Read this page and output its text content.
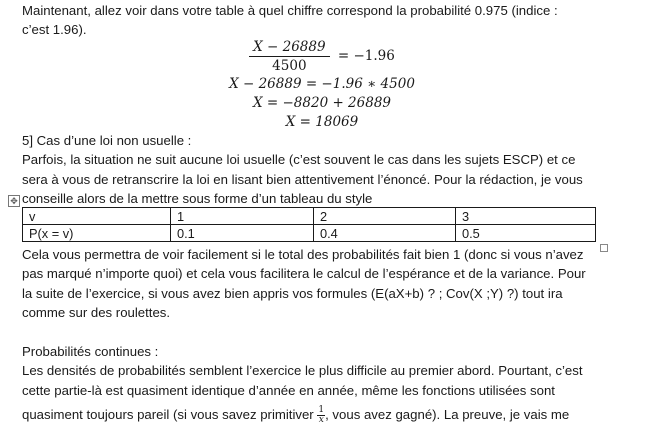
Maintenant, allez voir dans votre table à quel chiffre correspond la probabilité 0.975 (indice :

c’est 1.96).

$\frac{X - 26889}{4500} = -1.96$
X − 26889 = −1.96 ∗ 4500
X = −8820 + 26889
X = 18069

5] Cas d’une loi non usuelle :

Parfois, la situation ne suit aucune loi usuelle (c’est souvent le cas dans les sujets ESCP) et ce

sera à vous de retranscrire la loi en lisant bien attentivement l’énoncé. Pour la rédaction, je vous

conseille alors de la mettre sous forme d’un tableau du style

✥
v	1	2	3
P(x = v)	0.1	0.4	0.5

Cela vous permettra de voir facilement si le total des probabilités fait bien 1 (donc si vous n’avez

pas marqué n’importe quoi) et cela vous facilitera le calcul de l’espérance et de la variance. Pour

la suite de l’exercice, si vous avez bien appris vos formules (E(aX+b) ? ; Cov(X ;Y) ?) tout ira

comme sur des roulettes.

Probabilités continues :

Les densités de probabilités semblent l’exercice le plus difficile au premier abord. Pourtant, c’est

cette partie-là est quasiment identique d’année en année, même les fonctions utilisées sont

quasiment toujours pareil (si vous savez primitiver $\frac{1}{x}$ , vous avez gagné). La preuve, je vais me
